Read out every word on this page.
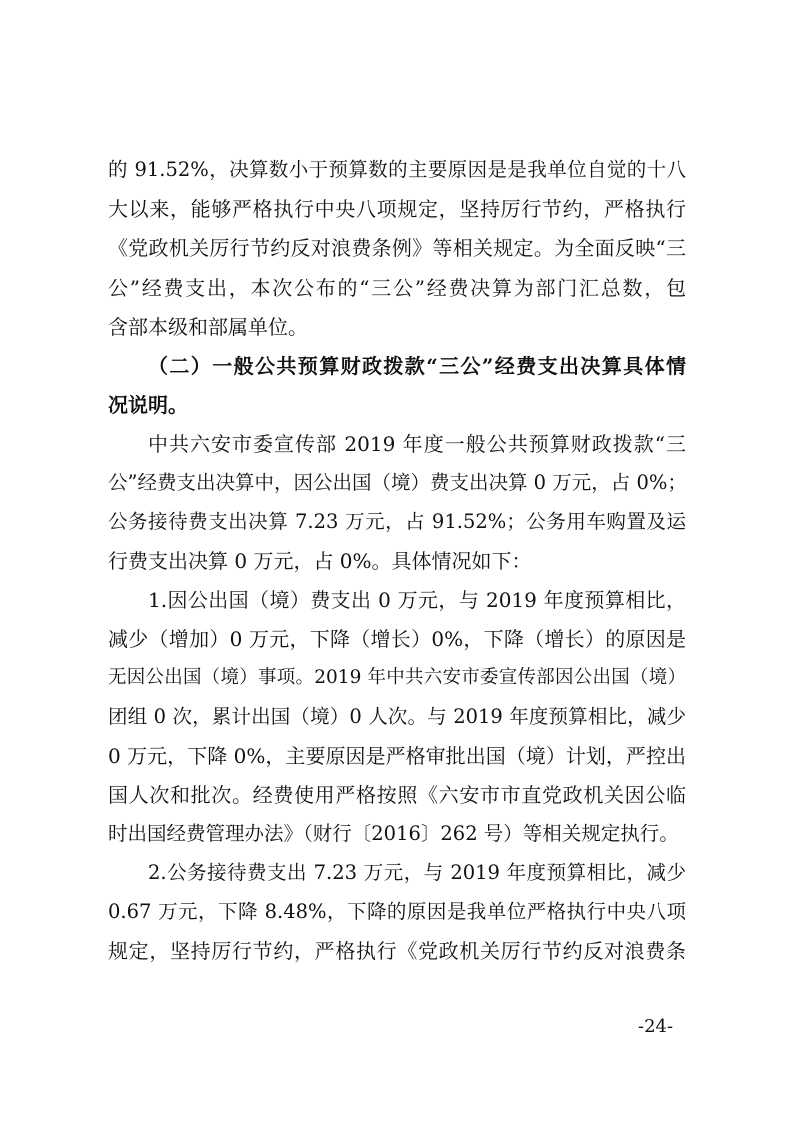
的 91.52%，决算数小于预算数的主要原因是是我单位自觉的十八
大以来，能够严格执行中央八项规定，坚持厉行节约，严格执行
《党政机关厉行节约反对浪费条例》等相关规定。为全面反映“三
公”经费支出，本次公布的“三公”经费决算为部门汇总数，包
含部本级和部属单位。
（二）一般公共预算财政拨款“三公”经费支出决算具体情
况说明。
中共六安市委宣传部 2019 年度一般公共预算财政拨款“三
公”经费支出决算中，因公出国（境）费支出决算 0 万元，占 0%；
公务接待费支出决算 7.23 万元，占 91.52%；公务用车购置及运
行费支出决算 0 万元，占 0%。具体情况如下：
1.因公出国（境）费支出 0 万元，与 2019 年度预算相比，
减少（增加）0 万元，下降（增长）0%，下降（增长）的原因是
无因公出国（境）事项。2019 年中共六安市委宣传部因公出国（境）
团组 0 次，累计出国（境）0 人次。与 2019 年度预算相比，减少
0 万元，下降 0%，主要原因是严格审批出国（境）计划，严控出
国人次和批次。经费使用严格按照《六安市市直党政机关因公临
时出国经费管理办法》（财行〔2016〕262 号）等相关规定执行。
2.公务接待费支出 7.23 万元，与 2019 年度预算相比，减少
0.67 万元，下降 8.48%，下降的原因是我单位严格执行中央八项
规定，坚持厉行节约，严格执行《党政机关厉行节约反对浪费条
-24-
